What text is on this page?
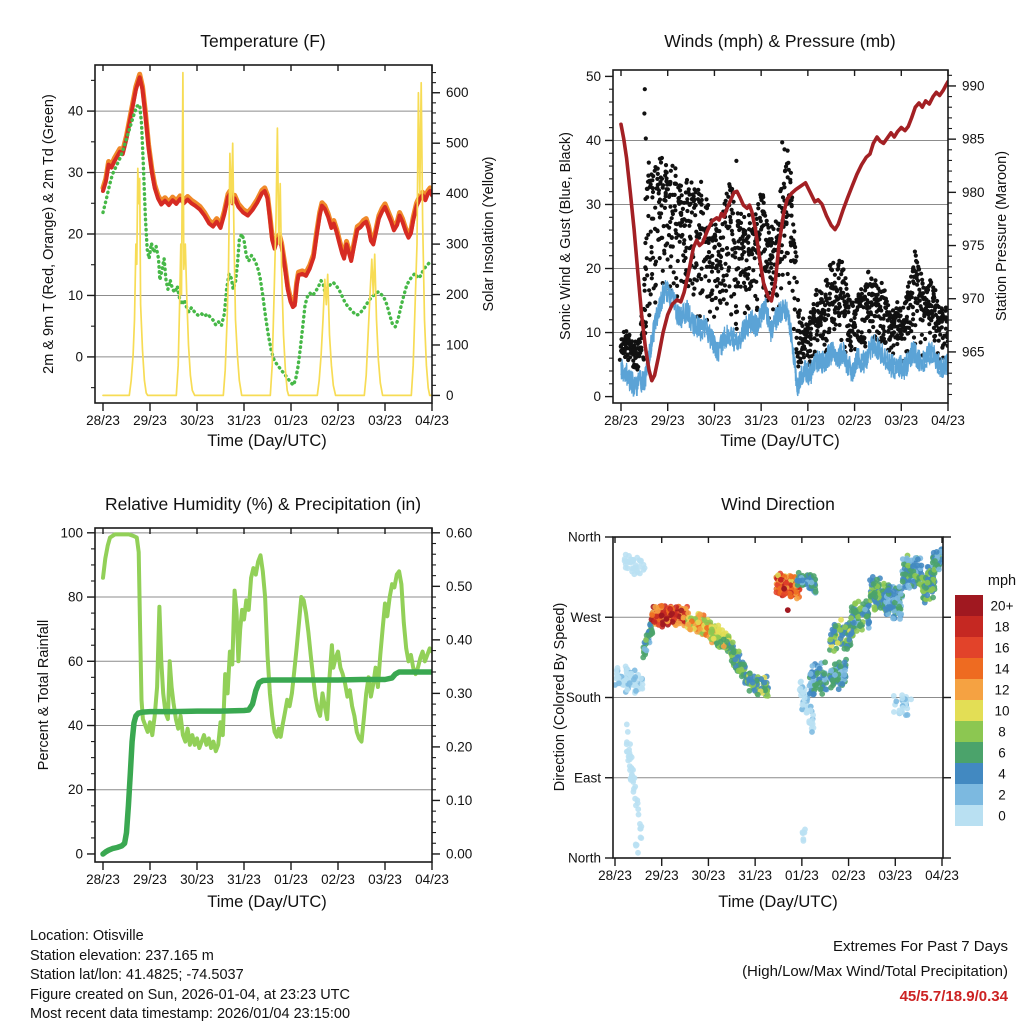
28/23 29/23 30/23 31/23 01/23 02/23 03/23 04/23
0
10
20
30
40
0
100
200
300
400
500
600
28/23 29/23 30/23 31/23 01/23 02/23 03/23 04/23
0
10
20
30
40
50
965
970
975
980
985
990
28/23 29/23 30/23 31/23 01/23 02/23 03/23 04/23
0
20
40
60
80
100
0.00
0.10
0.20
0.30
0.40
0.50
0.60
28/23 29/23 30/23 31/23 01/23 02/23 03/23 04/23
North
West
South
East
North
mph
20+
18
16
14
12
10
8
6
4
2
0
Temperature (F)	Winds (mph) & Pressure (mb)
Relative Humidity (%) & Precipitation (in)	Wind Direction
2m & 9m T (Red, Orange) & 2m Td (Green)	Solar Insolation (Yellow)	Sonic Wind & Gust (Blue, Black)	Station Pressure (Maroon)
Percent & Total Rainfall	Direction (Colored By Speed)
Time (Day/UTC)	Time (Day/UTC)
Time (Day/UTC)	Time (Day/UTC)
Location: Otisville
Station elevation: 237.165 m
Station lat/lon: 41.4825; -74.5037
Figure created on Sun, 2026-01-04, at 23:23 UTC
Most recent data timestamp: 2026/01/04 23:15:00
Extremes For Past 7 Days
(High/Low/Max Wind/Total Precipitation)
45/5.7/18.9/0.34
